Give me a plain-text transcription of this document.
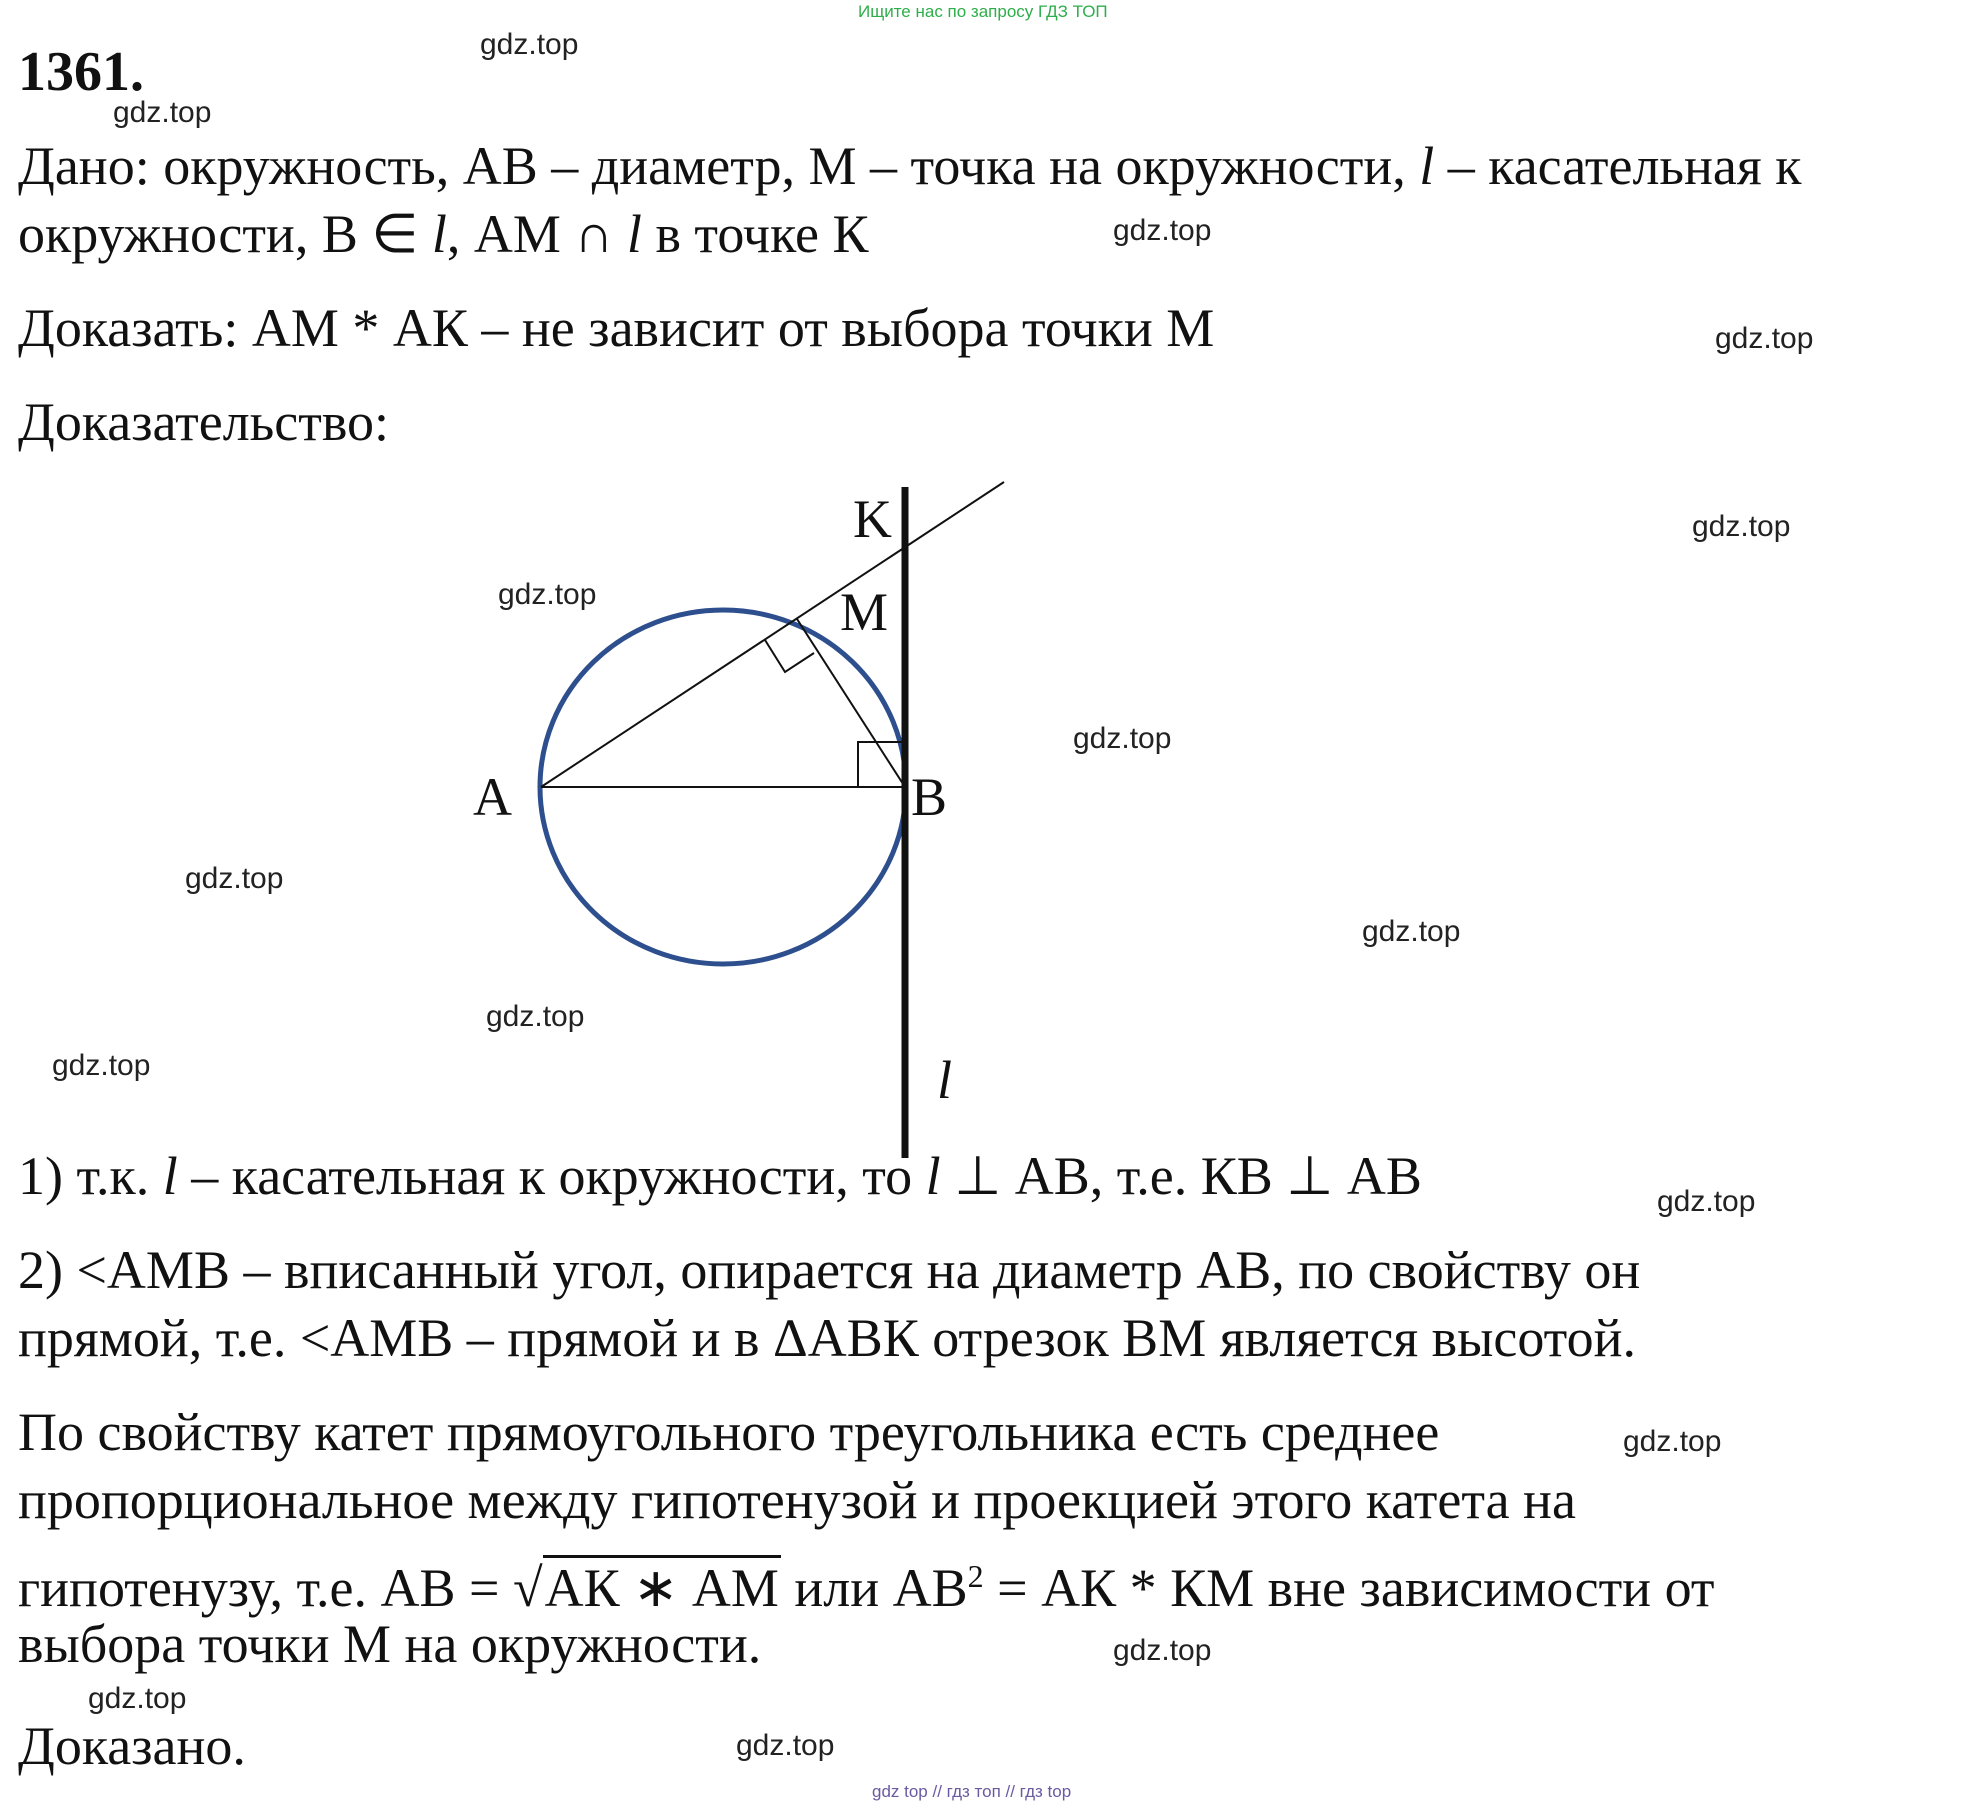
Ищите нас по запросу ГДЗ ТОП
gdz top // гдз топ // гдз top
gdz.top
gdz.top
gdz.top
gdz.top
gdz.top
gdz.top
gdz.top
gdz.top
gdz.top
gdz.top
gdz.top
gdz.top
gdz.top
gdz.top
gdz.top
gdz.top
1361.
Дано: окружность, АВ – диаметр, М – точка на окружности, l – касательная к
окружности, В ∈ l, АМ ∩ l в точке К
Доказать: АМ * АК – не зависит от выбора точки М
Доказательство:
A	B
K
M
l
1) т.к. l – касательная к окружности, то l ⊥ АВ, т.е. КВ ⊥ АВ
2) <АМВ – вписанный угол, опирается на диаметр АВ, по свойству он
прямой, т.е. <АМВ – прямой и в ΔАВК отрезок ВМ является высотой.
По свойству катет прямоугольного треугольника есть среднее
пропорциональное между гипотенузой и проекцией этого катета на
гипотенузу, т.е. АВ = √АК ∗ АМ или $АВ^2$ = АК * КМ вне зависимости от
выбора точки М на окружности.
Доказано.
